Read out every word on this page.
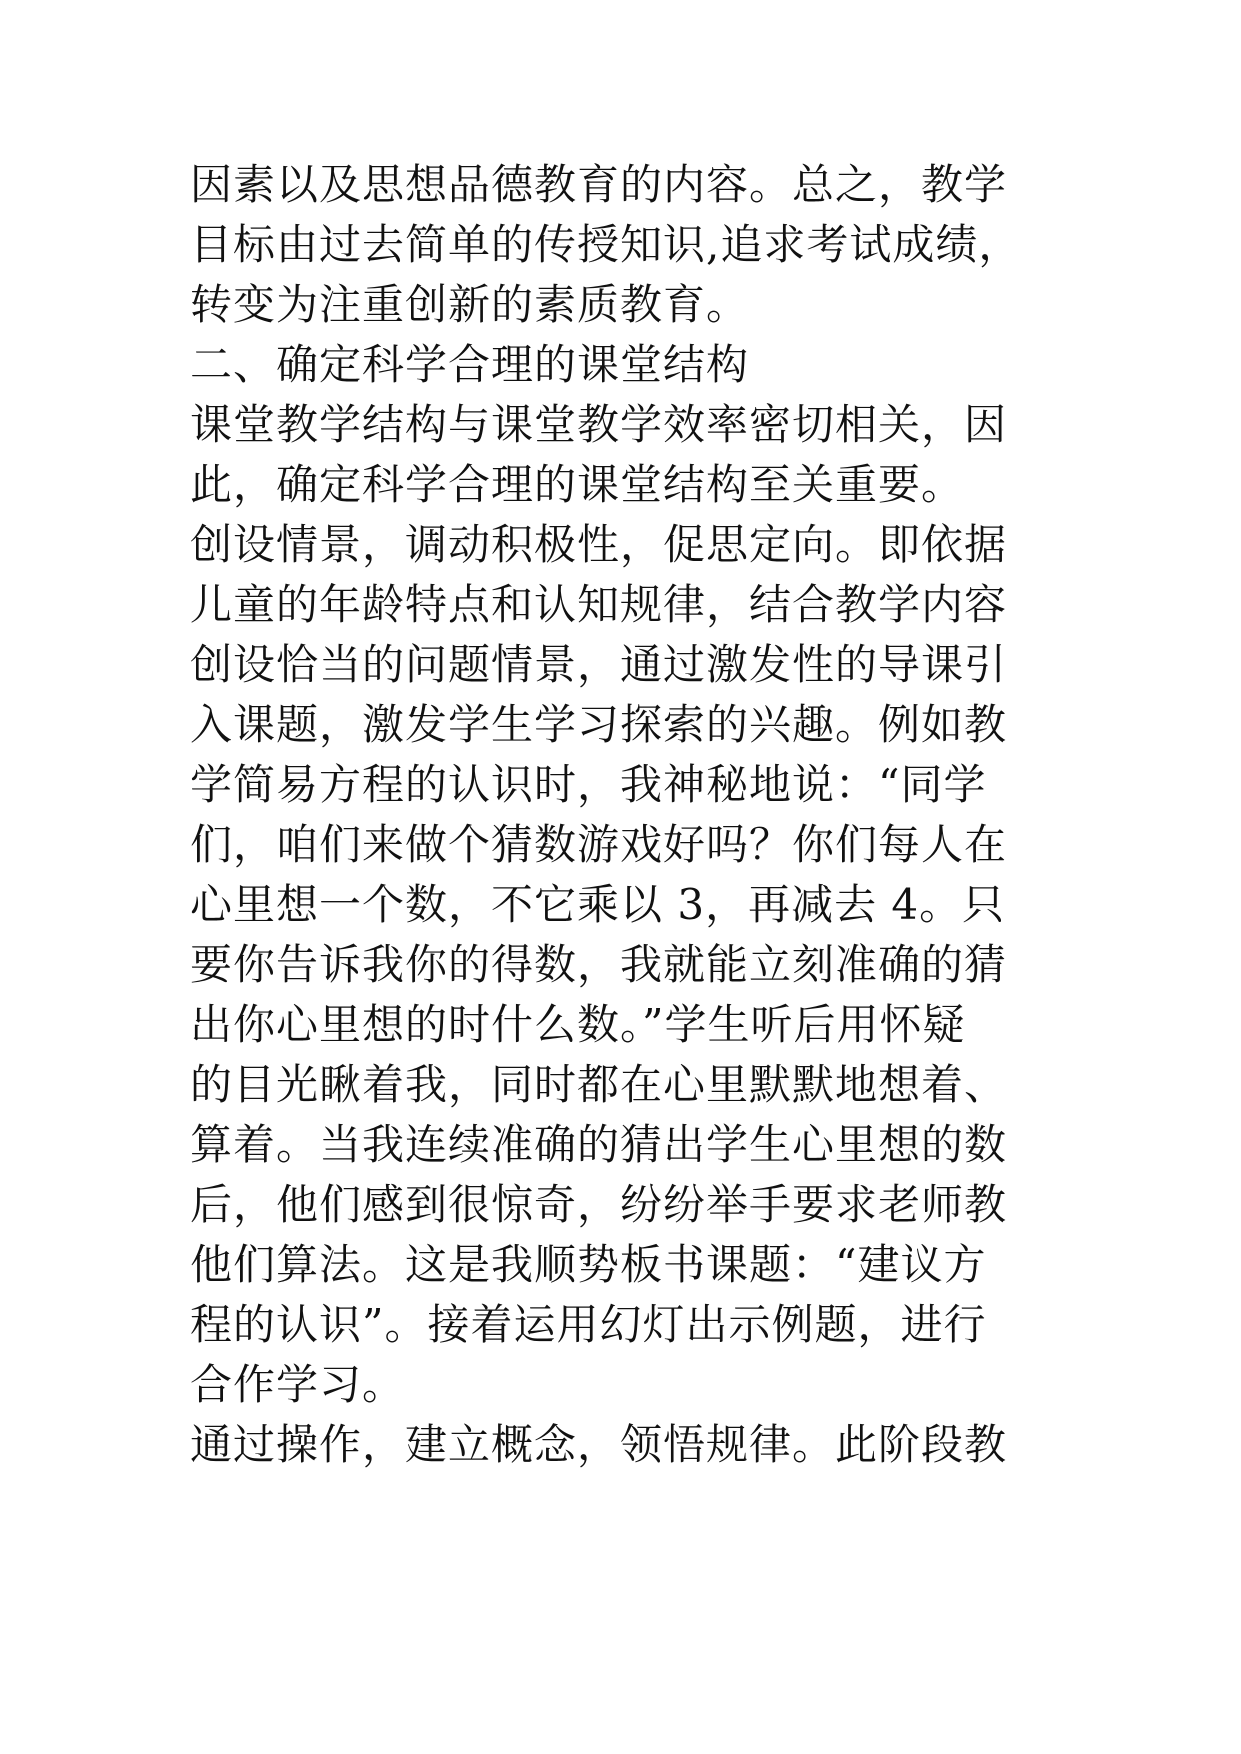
因素以及思想品德教育的内容。总之，教学
目标由过去简单的传授知识,追求考试成绩，
转变为注重创新的素质教育。
二、确定科学合理的课堂结构
课堂教学结构与课堂教学效率密切相关，因
此，确定科学合理的课堂结构至关重要。
创设情景，调动积极性，促思定向。即依据
儿童的年龄特点和认知规律，结合教学内容
创设恰当的问题情景，通过激发性的导课引
入课题，激发学生学习探索的兴趣。例如教
学简易方程的认识时，我神秘地说：“同学
们，咱们来做个猜数游戏好吗？你们每人在
心里想一个数，不它乘以 3，再减去 4。只
要你告诉我你的得数，我就能立刻准确的猜
出你心里想的时什么数。”学生听后用怀疑
的目光瞅着我，同时都在心里默默地想着、
算着。当我连续准确的猜出学生心里想的数
后，他们感到很惊奇，纷纷举手要求老师教
他们算法。这是我顺势板书课题：“建议方
程的认识”。接着运用幻灯出示例题，进行
合作学习。
通过操作，建立概念，领悟规律。此阶段教
